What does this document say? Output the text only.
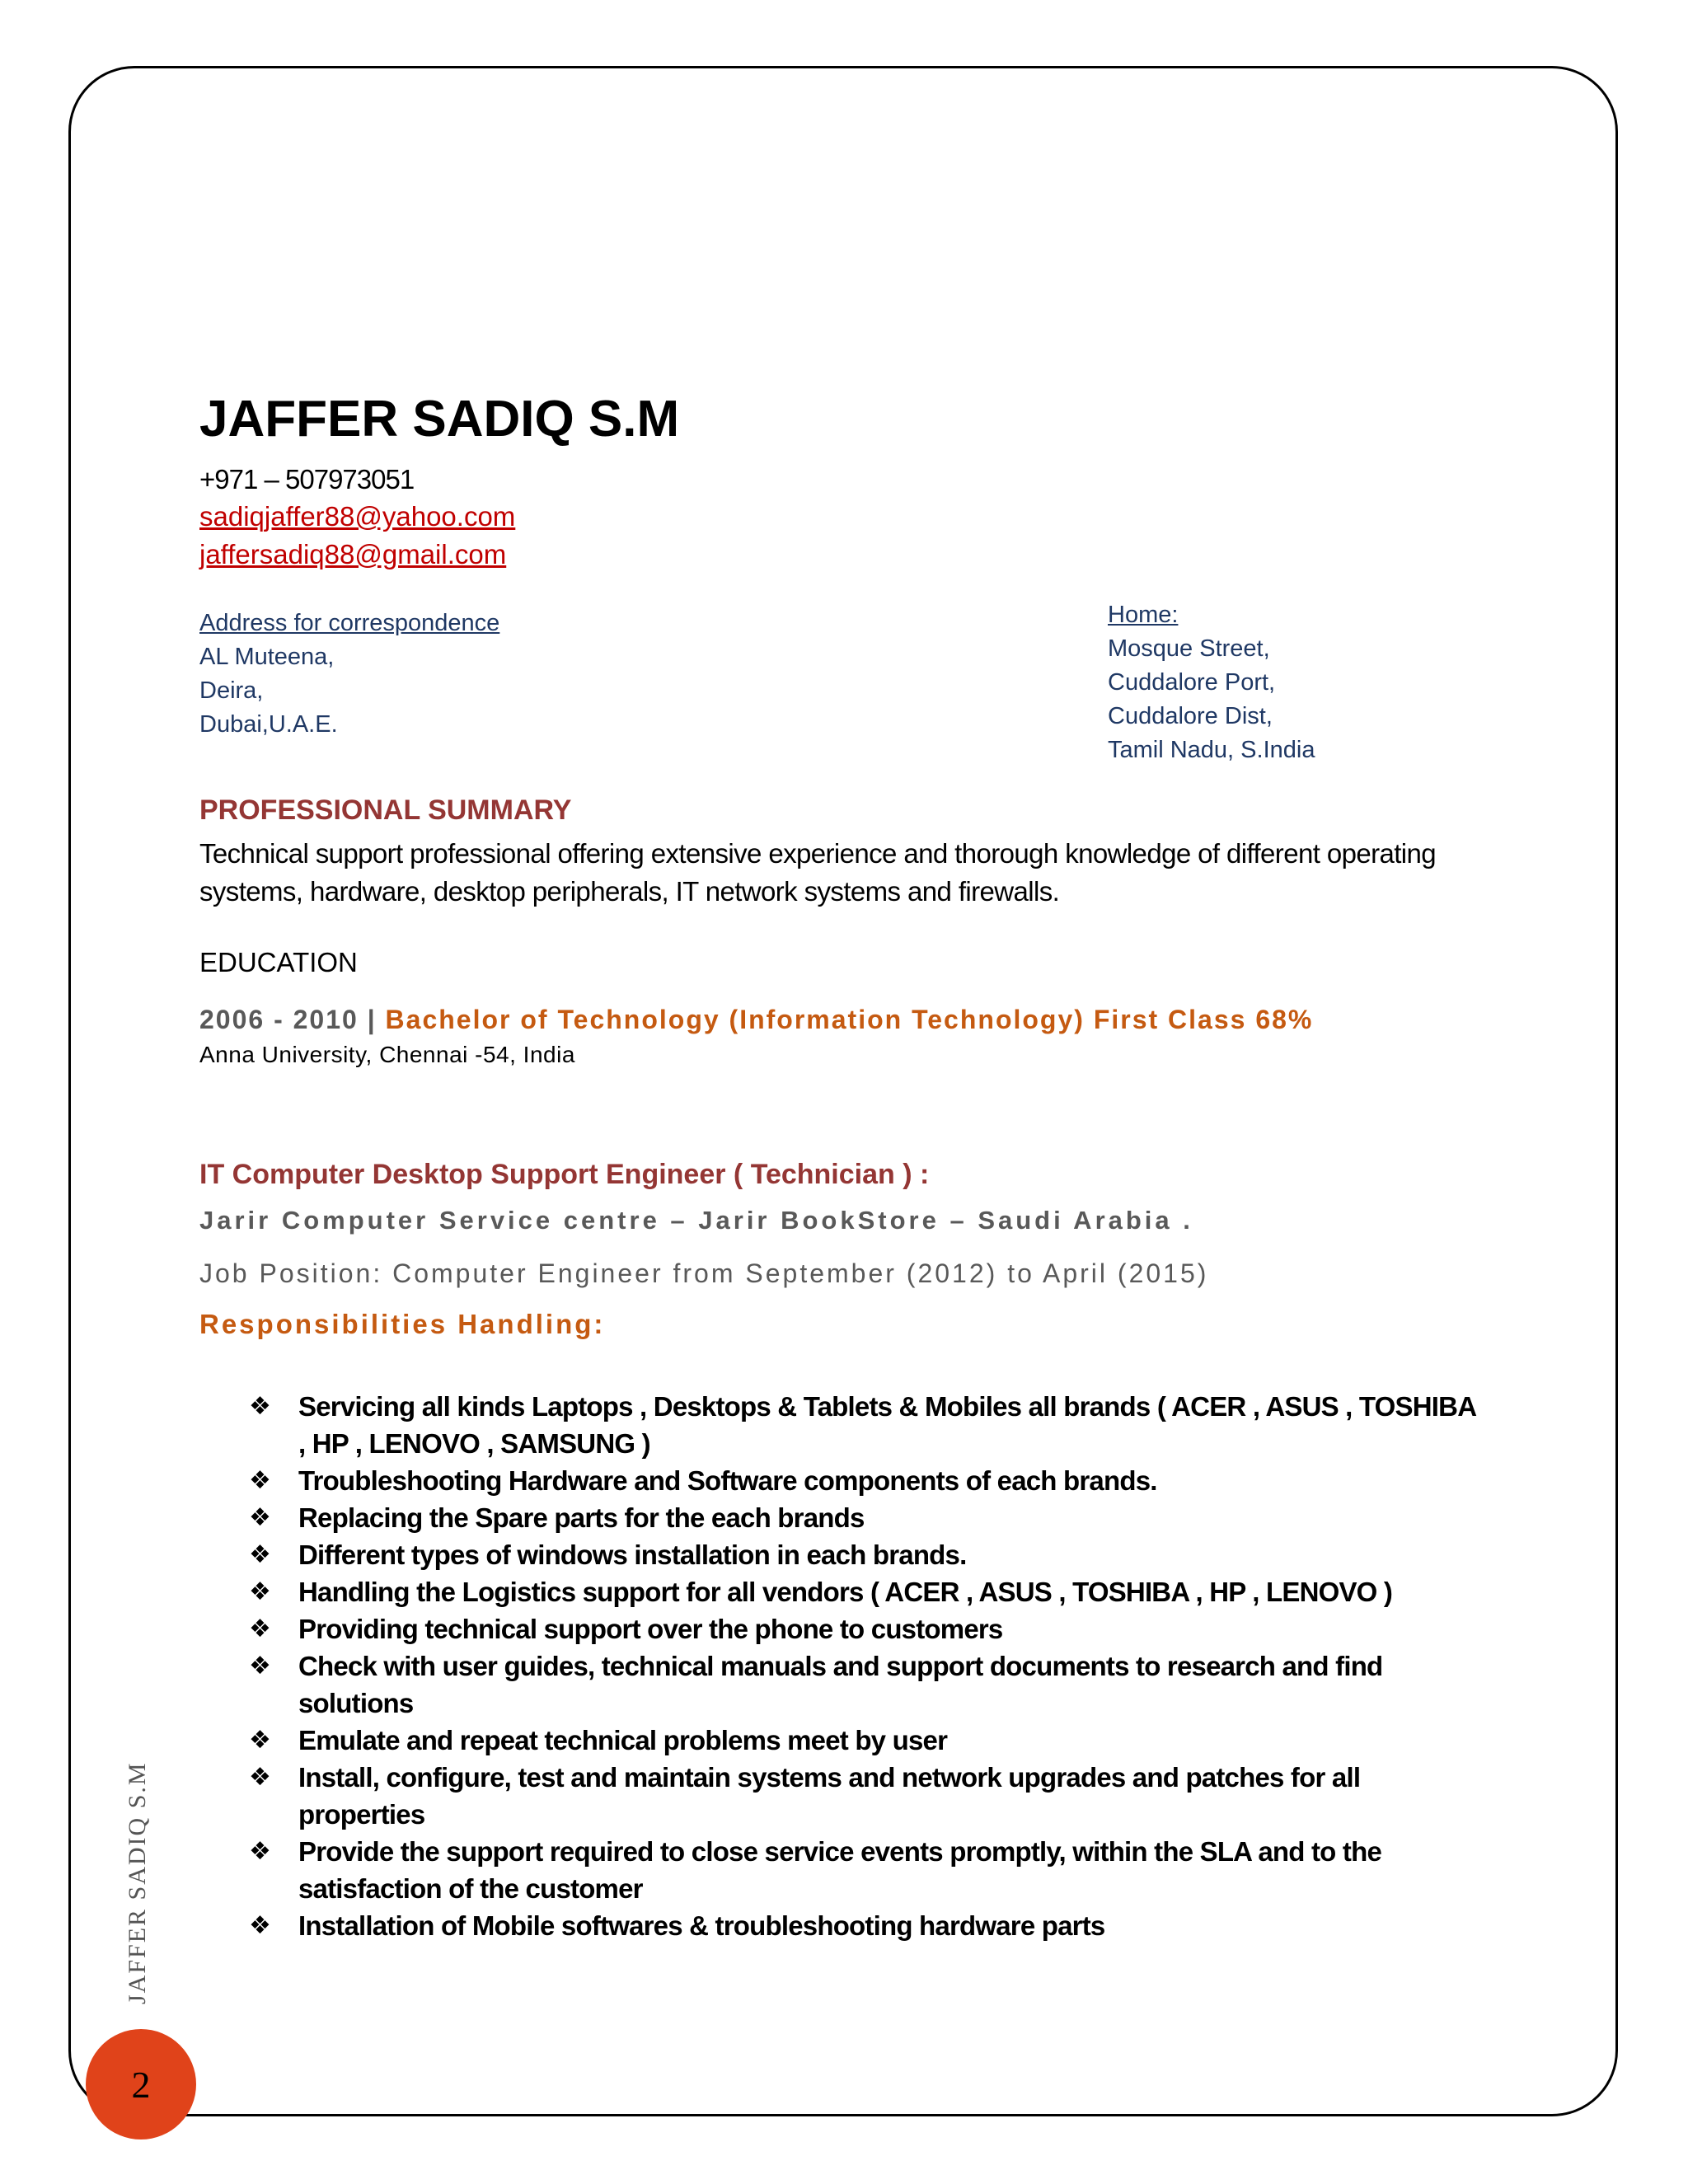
JAFFER SADIQ S.M
+971 – 507973051
sadiqjaffer88@yahoo.com
jaffersadiq88@gmail.com
Address for correspondence
AL Muteena,
Deira,
Dubai,U.A.E.
Home:
Mosque Street,
Cuddalore Port,
Cuddalore Dist,
Tamil Nadu, S.India
PROFESSIONAL SUMMARY
Technical support professional offering extensive experience and thorough knowledge of different operating systems, hardware, desktop peripherals, IT network systems and firewalls.
EDUCATION
2006 - 2010 | Bachelor of Technology (Information Technology) First Class 68%
Anna University, Chennai -54, India
IT Computer Desktop Support Engineer ( Technician ) :
Jarir Computer Service centre – Jarir BookStore – Saudi Arabia .
Job Position: Computer Engineer from September (2012) to April (2015)
Responsibilities Handling:
❖ Servicing all kinds Laptops , Desktops & Tablets & Mobiles all brands ( ACER , ASUS , TOSHIBA , HP , LENOVO , SAMSUNG )
❖ Troubleshooting Hardware and Software components of each brands.
❖ Replacing the Spare parts for the each brands
❖ Different types of windows installation in each brands.
❖ Handling the Logistics support for all vendors ( ACER , ASUS , TOSHIBA , HP , LENOVO )
❖ Providing technical support over the phone to customers
❖ Check with user guides, technical manuals and support documents to research and find solutions
❖ Emulate and repeat technical problems meet by user
❖ Install, configure, test and maintain systems and network upgrades and patches for all properties
❖ Provide the support required to close service events promptly, within the SLA and to the satisfaction of the customer
❖ Installation of Mobile softwares & troubleshooting hardware parts
JAFFER SADIQ S.M
2
